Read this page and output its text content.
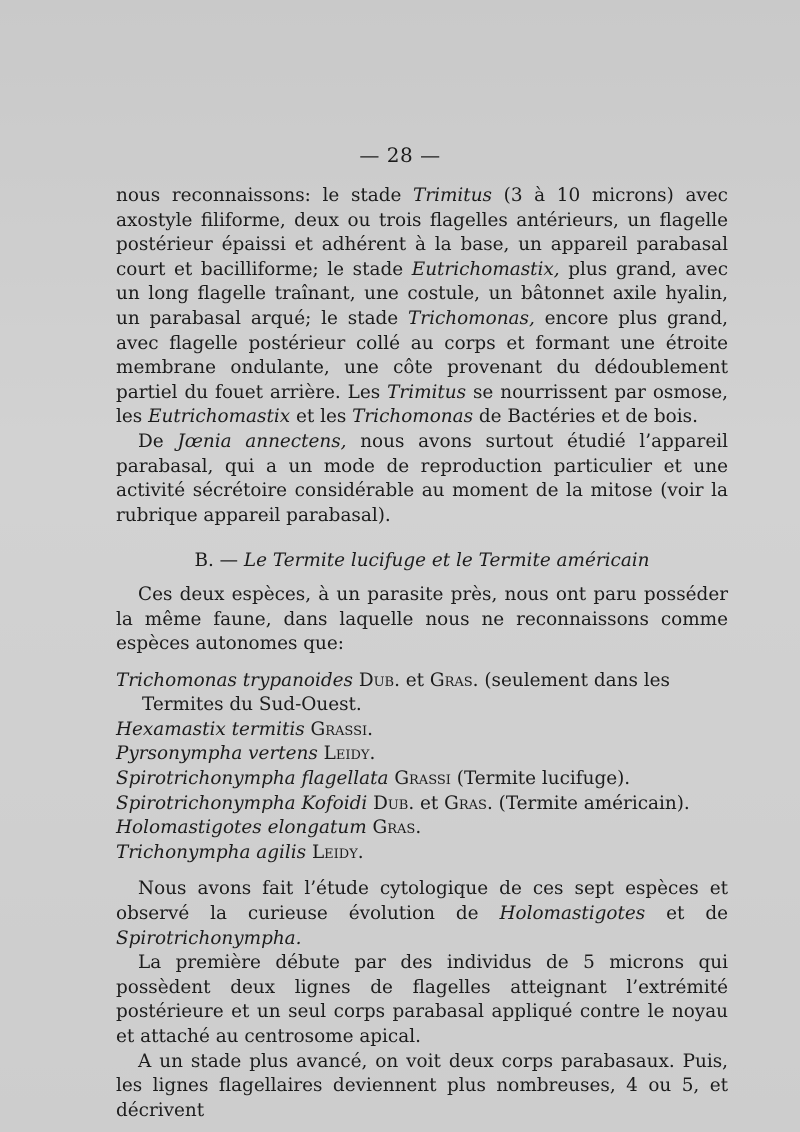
— 28 —

nous reconnaissons: le stade Trimitus (3 à 10 microns) avec axostyle filiforme, deux ou trois flagelles antérieurs, un flagelle postérieur épaissi et adhérent à la base, un appareil parabasal court et bacilliforme; le stade Eutrichomastix, plus grand, avec un long flagelle traînant, une costule, un bâtonnet axile hyalin, un parabasal arqué; le stade Trichomonas, encore plus grand, avec flagelle postérieur collé au corps et formant une étroite membrane ondulante, une côte provenant du dédoublement partiel du fouet arrière. Les Trimitus se nourrissent par osmose, les Eutrichomastix et les Trichomonas de Bactéries et de bois.

De Jœnia annectens, nous avons surtout étudié l’appareil parabasal, qui a un mode de reproduction particulier et une activité sécrétoire considérable au moment de la mitose (voir la rubrique appareil parabasal).

B. — Le Termite lucifuge et le Termite américain

Ces deux espèces, à un parasite près, nous ont paru posséder la même faune, dans laquelle nous ne reconnaissons comme espèces autonomes que:

Trichomonas trypanoides Dub. et Gras. (seulement dans les Termites du Sud-Ouest.
Hexamastix termitis Grassi.
Pyrsonympha vertens Leidy.
Spirotrichonympha flagellata Grassi (Termite lucifuge).
Spirotrichonympha Kofoidi Dub. et Gras. (Termite américain).
Holomastigotes elongatum Gras.
Trichonympha agilis Leidy.

Nous avons fait l’étude cytologique de ces sept espèces et observé la curieuse évolution de Holomastigotes et de Spirotrichonympha.

La première débute par des individus de 5 microns qui possèdent deux lignes de flagelles atteignant l’extrémité postérieure et un seul corps parabasal appliqué contre le noyau et attaché au centrosome apical.

A un stade plus avancé, on voit deux corps parabasaux. Puis, les lignes flagellaires deviennent plus nombreuses, 4 ou 5, et décrivent
